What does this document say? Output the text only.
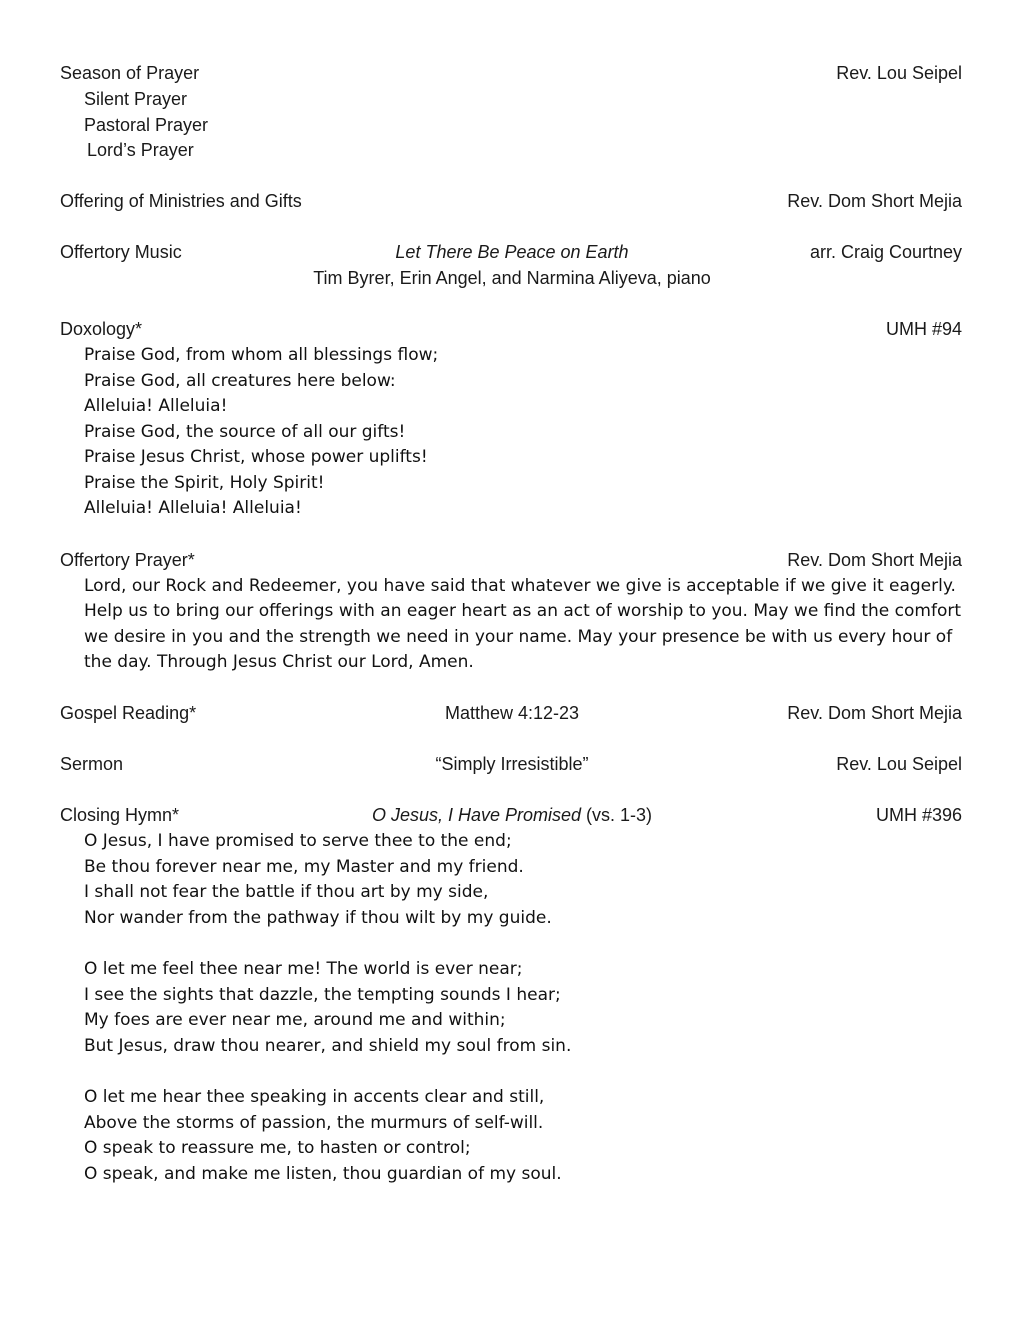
Season of Prayer	Rev. Lou Seipel
Silent Prayer
Pastoral Prayer
Lord’s Prayer
Offering of Ministries and Gifts	Rev. Dom Short Mejia
Offertory Music	Let There Be Peace on Earth	arr. Craig Courtney
Tim Byrer, Erin Angel, and Narmina Aliyeva, piano
Doxology*	UMH #94
Praise God, from whom all blessings flow;
Praise God, all creatures here below:
Alleluia! Alleluia!
Praise God, the source of all our gifts!
Praise Jesus Christ, whose power uplifts!
Praise the Spirit, Holy Spirit!
Alleluia! Alleluia! Alleluia!
Offertory Prayer*	Rev. Dom Short Mejia
Lord, our Rock and Redeemer, you have said that whatever we give is acceptable if we give it eagerly.
Help us to bring our offerings with an eager heart as an act of worship to you. May we find the comfort
we desire in you and the strength we need in your name. May your presence be with us every hour of
the day. Through Jesus Christ our Lord, Amen.
Gospel Reading*	Matthew 4:12-23	Rev. Dom Short Mejia
Sermon	“Simply Irresistible”	Rev. Lou Seipel
Closing Hymn*	O Jesus, I Have Promised (vs. 1-3)	UMH #396
O Jesus, I have promised to serve thee to the end;
Be thou forever near me, my Master and my friend.
I shall not fear the battle if thou art by my side,
Nor wander from the pathway if thou wilt by my guide.
O let me feel thee near me! The world is ever near;
I see the sights that dazzle, the tempting sounds I hear;
My foes are ever near me, around me and within;
But Jesus, draw thou nearer, and shield my soul from sin.
O let me hear thee speaking in accents clear and still,
Above the storms of passion, the murmurs of self-will.
O speak to reassure me, to hasten or control;
O speak, and make me listen, thou guardian of my soul.
